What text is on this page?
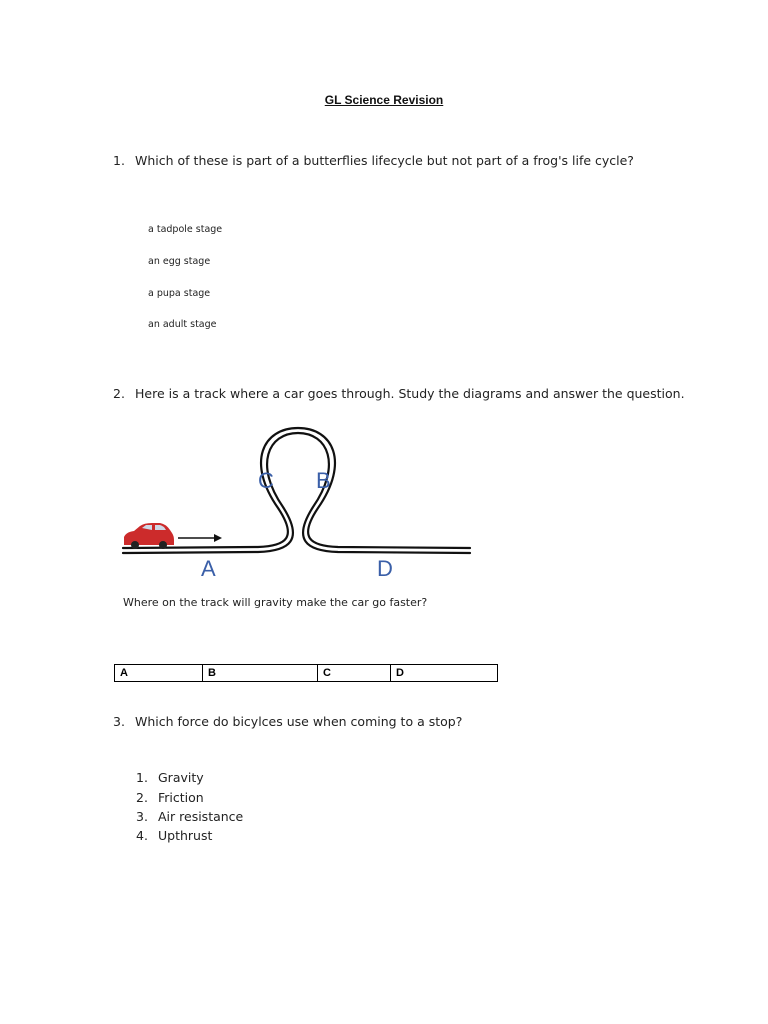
GL Science Revision
1. Which of these is part of a butterflies lifecycle but not part of a frog's life cycle?
a tadpole stage
an egg stage
a pupa stage
an adult stage
2. Here is a track where a car goes through. Study the diagrams and answer the question.
C B
A	D
Where on the track will gravity make the car go faster?
A	B	C	D
3. Which force do bicylces use when coming to a stop?
1. Gravity
2. Friction
3. Air resistance
4. Upthrust
